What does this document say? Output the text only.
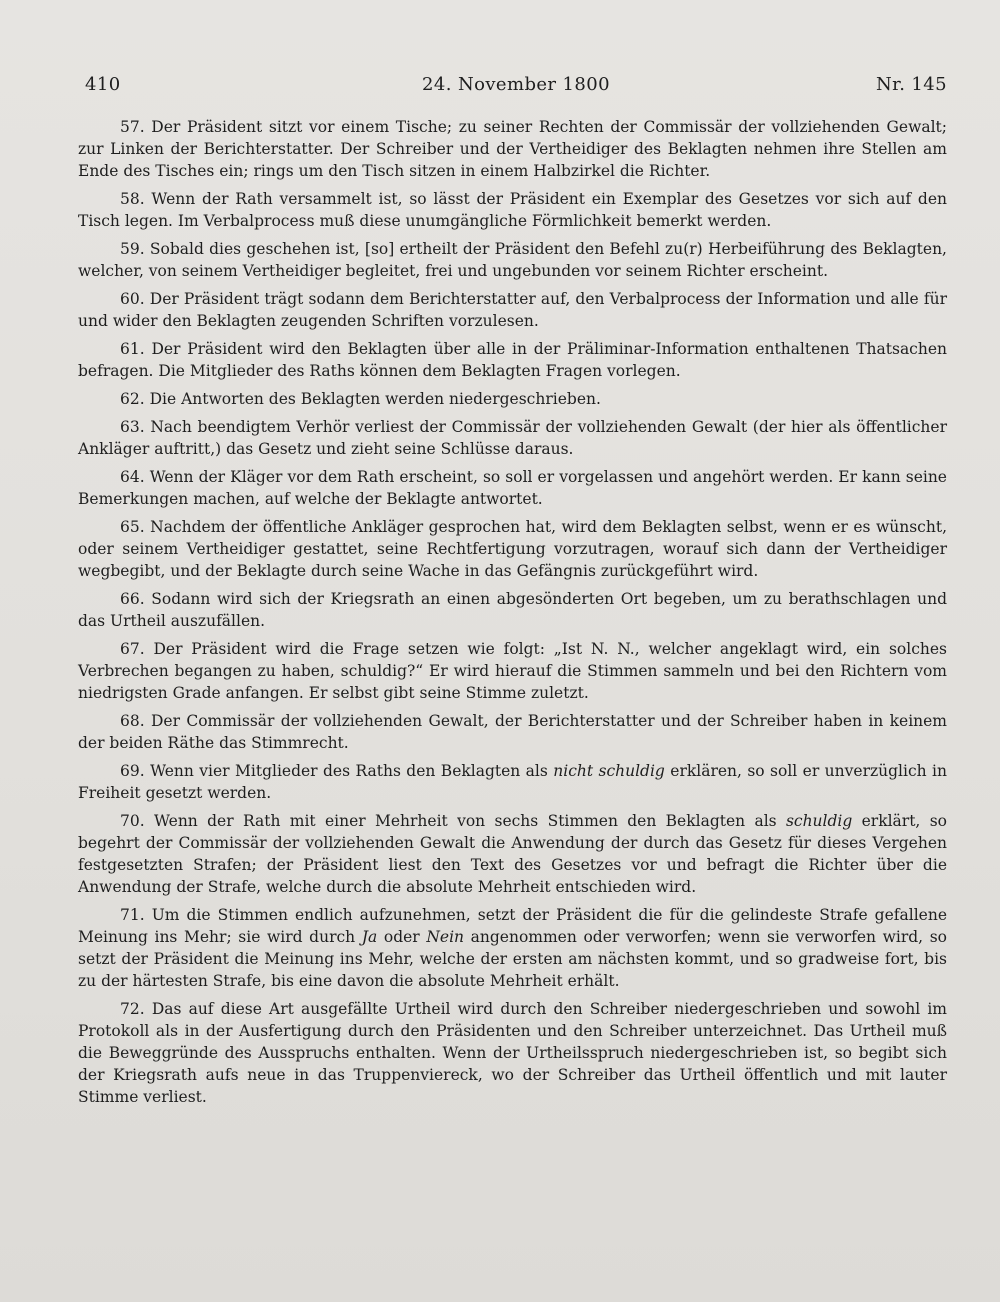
410	24. November 1800	Nr. 145

57. Der Präsident sitzt vor einem Tische; zu seiner Rechten der Commissär der vollziehenden Gewalt; zur Linken der Berichterstatter. Der Schreiber und der Vertheidiger des Beklagten nehmen ihre Stellen am Ende des Tisches ein; rings um den Tisch sitzen in einem Halbzirkel die Richter.

58. Wenn der Rath versammelt ist, so lässt der Präsident ein Exemplar des Gesetzes vor sich auf den Tisch legen. Im Verbalprocess muß diese unumgängliche Förmlichkeit bemerkt werden.

59. Sobald dies geschehen ist, [so] ertheilt der Präsident den Befehl zu(r) Herbeiführung des Beklagten, welcher, von seinem Vertheidiger begleitet, frei und ungebunden vor seinem Richter erscheint.

60. Der Präsident trägt sodann dem Berichterstatter auf, den Verbalprocess der Information und alle für und wider den Beklagten zeugenden Schriften vorzulesen.

61. Der Präsident wird den Beklagten über alle in der Präliminar-Information enthaltenen Thatsachen befragen. Die Mitglieder des Raths können dem Beklagten Fragen vorlegen.

62. Die Antworten des Beklagten werden niedergeschrieben.

63. Nach beendigtem Verhör verliest der Commissär der vollziehenden Gewalt (der hier als öffentlicher Ankläger auftritt,) das Gesetz und zieht seine Schlüsse daraus.

64. Wenn der Kläger vor dem Rath erscheint, so soll er vorgelassen und angehört werden. Er kann seine Bemerkungen machen, auf welche der Beklagte antwortet.

65. Nachdem der öffentliche Ankläger gesprochen hat, wird dem Beklagten selbst, wenn er es wünscht, oder seinem Vertheidiger gestattet, seine Rechtfertigung vorzutragen, worauf sich dann der Vertheidiger wegbegibt, und der Beklagte durch seine Wache in das Gefängnis zurückgeführt wird.

66. Sodann wird sich der Kriegsrath an einen abgesönderten Ort begeben, um zu berathschlagen und das Urtheil auszufällen.

67. Der Präsident wird die Frage setzen wie folgt: „Ist N. N., welcher angeklagt wird, ein solches Verbrechen begangen zu haben, schuldig?“ Er wird hierauf die Stimmen sammeln und bei den Richtern vom niedrigsten Grade anfangen. Er selbst gibt seine Stimme zuletzt.

68. Der Commissär der vollziehenden Gewalt, der Berichterstatter und der Schreiber haben in keinem der beiden Räthe das Stimmrecht.

69. Wenn vier Mitglieder des Raths den Beklagten als nicht schuldig erklären, so soll er unverzüglich in Freiheit gesetzt werden.

70. Wenn der Rath mit einer Mehrheit von sechs Stimmen den Beklagten als schuldig erklärt, so begehrt der Commissär der vollziehenden Gewalt die Anwendung der durch das Gesetz für dieses Vergehen festgesetzten Strafen; der Präsident liest den Text des Gesetzes vor und befragt die Richter über die Anwendung der Strafe, welche durch die absolute Mehrheit entschieden wird.

71. Um die Stimmen endlich aufzunehmen, setzt der Präsident die für die gelindeste Strafe gefallene Meinung ins Mehr; sie wird durch Ja oder Nein angenommen oder verworfen; wenn sie verworfen wird, so setzt der Präsident die Meinung ins Mehr, welche der ersten am nächsten kommt, und so gradweise fort, bis zu der härtesten Strafe, bis eine davon die absolute Mehrheit erhält.

72. Das auf diese Art ausgefällte Urtheil wird durch den Schreiber niedergeschrieben und sowohl im Protokoll als in der Ausfertigung durch den Präsidenten und den Schreiber unterzeichnet. Das Urtheil muß die Beweggründe des Ausspruchs enthalten. Wenn der Urtheilsspruch niedergeschrieben ist, so begibt sich der Kriegsrath aufs neue in das Truppenviereck, wo der Schreiber das Urtheil öffentlich und mit lauter Stimme verliest.
